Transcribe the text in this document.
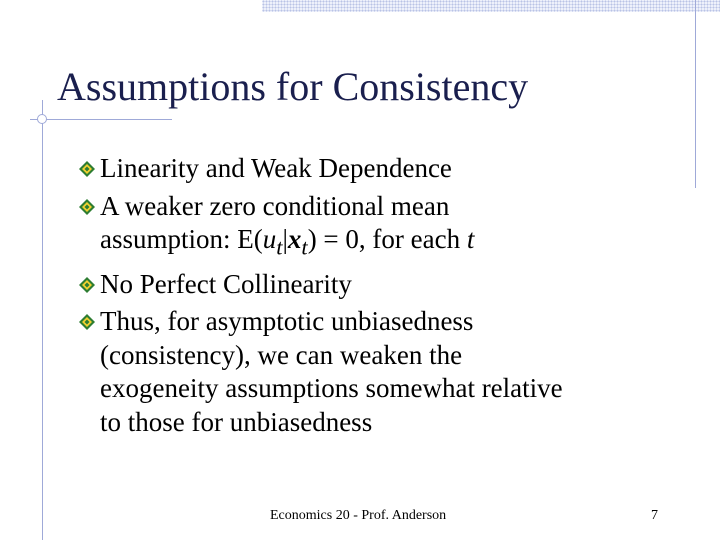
Assumptions for Consistency
Linearity and Weak Dependence
A weaker zero conditional mean
assumption: $E(u_t|x_t) = 0$, for each t
No Perfect Collinearity
Thus, for asymptotic unbiasedness
(consistency), we can weaken the
exogeneity assumptions somewhat relative
to those for unbiasedness
Economics 20 - Prof. Anderson	7
